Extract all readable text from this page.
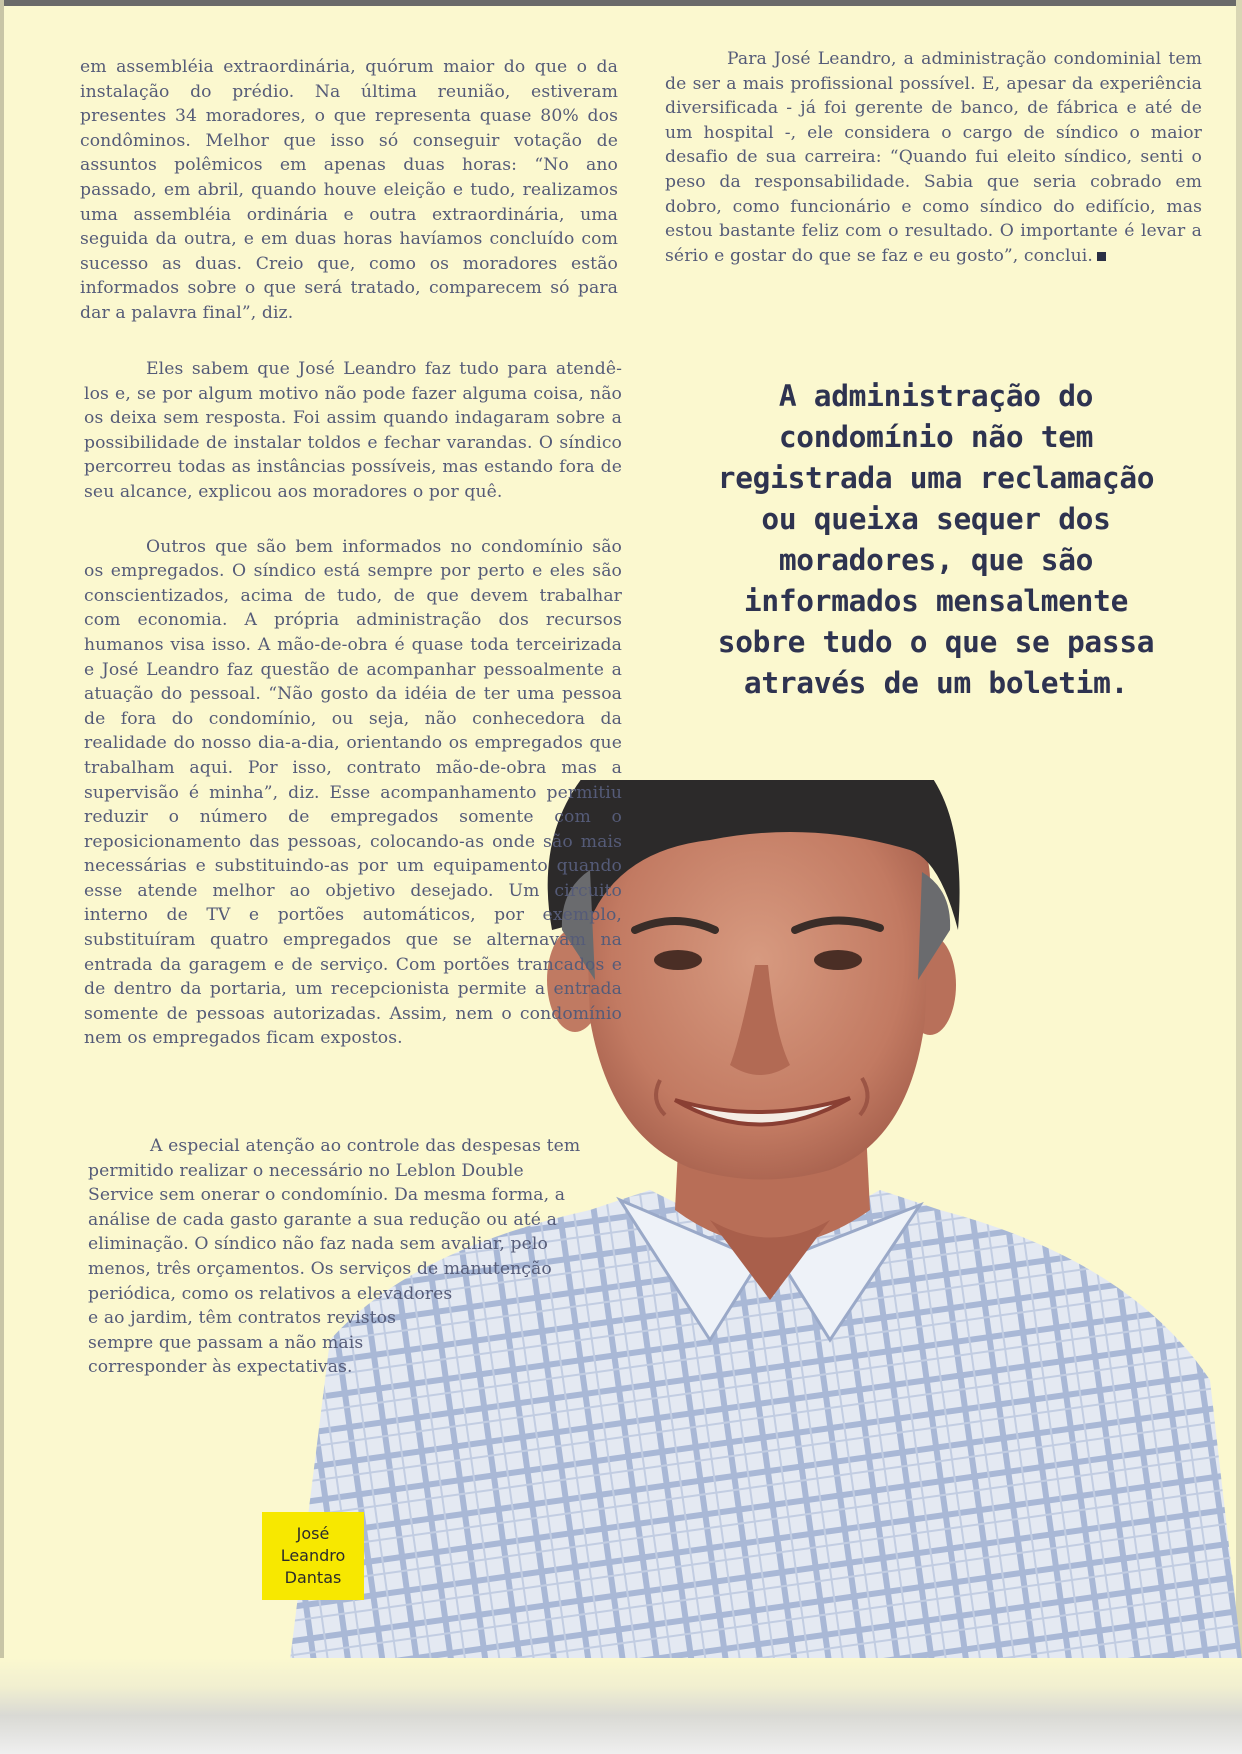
em assembléia extraordinária, quórum maior do que o da instalação do prédio. Na última reunião, estiveram presentes 34 moradores, o que representa quase 80% dos condôminos. Melhor que isso só conseguir votação de assuntos polêmicos em apenas duas horas: “No ano passado, em abril, quando houve eleição e tudo, realizamos uma assembléia ordinária e outra extraordinária, uma seguida da outra, e em duas horas havíamos concluído com sucesso as duas. Creio que, como os moradores estão informados sobre o que será tratado, comparecem só para dar a palavra final”, diz.

Para José Leandro, a administração condominial tem de ser a mais profissional possível. E, apesar da experiência diversificada - já foi gerente de banco, de fábrica e até de um hospital -, ele considera o cargo de síndico o maior desafio de sua carreira: “Quando fui eleito síndico, senti o peso da responsabilidade. Sabia que seria cobrado em dobro, como funcionário e como síndico do edifício, mas estou bastante feliz com o resultado. O importante é levar a sério e gostar do que se faz e eu gosto”, conclui.

A administração do
condomínio não tem
registrada uma reclamação
ou queixa sequer dos
moradores, que são
informados mensalmente
sobre tudo o que se passa
através de um boletim.

Eles sabem que José Leandro faz tudo para atendê-los e, se por algum motivo não pode fazer alguma coisa, não os deixa sem resposta. Foi assim quando indagaram sobre a possibilidade de instalar toldos e fechar varandas. O síndico percorreu todas as instâncias possíveis, mas estando fora de seu alcance, explicou aos moradores o por quê.

Outros que são bem informados no condomínio são os empregados. O síndico está sempre por perto e eles são conscientizados, acima de tudo, de que devem trabalhar com economia. A própria administração dos recursos humanos visa isso. A mão-de-obra é quase toda terceirizada e José Leandro faz questão de acompanhar pessoalmente a atuação do pessoal. “Não gosto da idéia de ter uma pessoa de fora do condomínio, ou seja, não conhecedora da realidade do nosso dia-a-dia, orientando os empregados que trabalham aqui. Por isso, contrato mão-de-obra mas a supervisão é minha”, diz. Esse acompanhamento permitiu reduzir o número de empregados somente com o reposicionamento das pessoas, colocando-as onde são mais necessárias e substituindo-as por um equipamento quando esse atende melhor ao objetivo desejado. Um circuito interno de TV e portões automáticos, por exemplo, substituíram quatro empregados que se alternavam na entrada da garagem e de serviço. Com portões trancados e de dentro da portaria, um recepcionista permite a entrada somente de pessoas autorizadas. Assim, nem o condomínio nem os empregados ficam expostos.

A especial atenção ao controle das despesas tem
permitido realizar o necessário no Leblon Double
Service sem onerar o condomínio. Da mesma forma, a
análise de cada gasto garante a sua redução ou até a
eliminação. O síndico não faz nada sem avaliar, pelo
menos, três orçamentos. Os serviços de manutenção
periódica, como os relativos a elevadores
e ao jardim, têm contratos revistos
sempre que passam a não mais
corresponder às expectativas.
José
Leandro
Dantas
